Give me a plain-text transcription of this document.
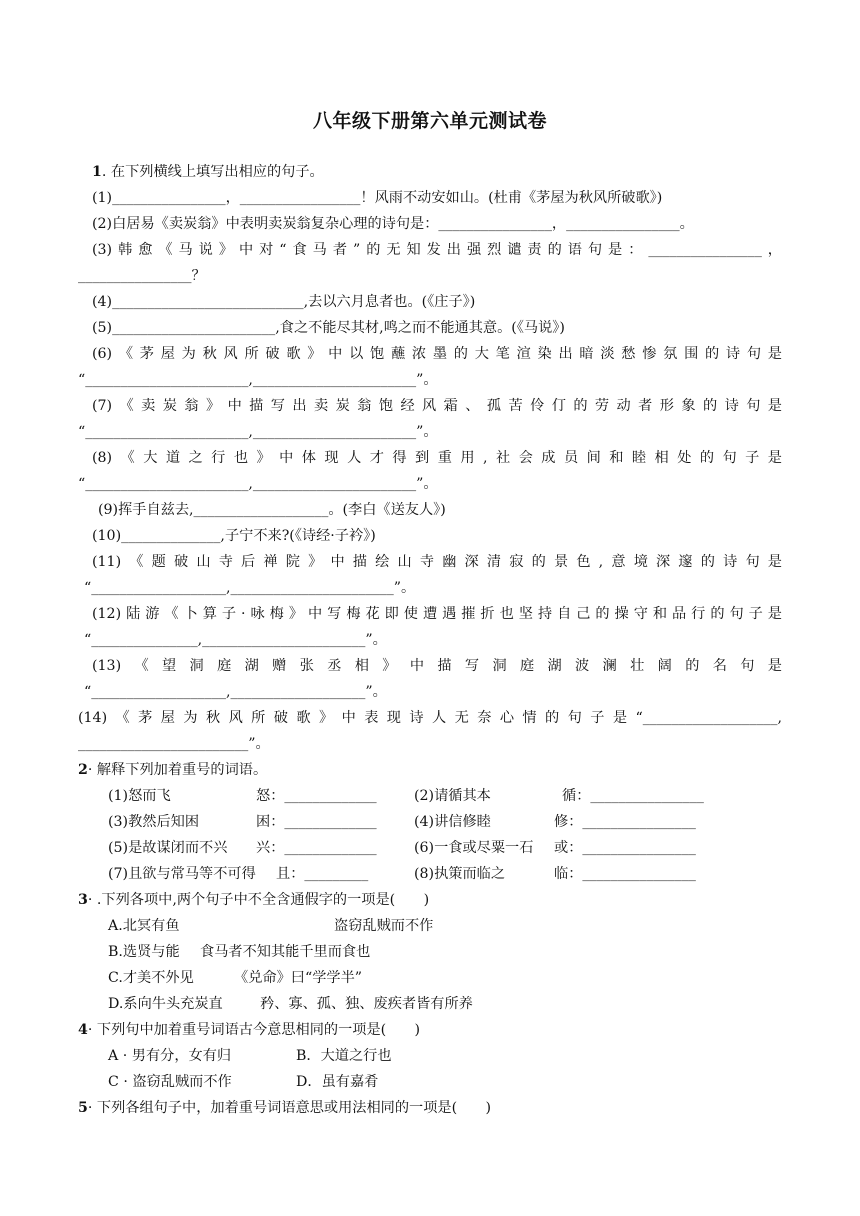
八年级下册第六单元测试卷
1. 在下列横线上填写出相应的句子。
(1)________________，_________________！风雨不动安如山。(杜甫《茅屋为秋风所破歌》)
(2)白居易《卖炭翁》中表明卖炭翁复杂心理的诗句是：________________，________________。
(3)韩愈《马说》中对“食马者”的无知发出强烈谴责的语句是：________________，
________________？
(4)___________________________,去以六月息者也。(《庄子》)
(5)_______________________,食之不能尽其材,鸣之而不能通其意。(《马说》)
(6)《茅屋为秋风所破歌》中以饱蘸浓墨的大笔渲染出暗淡愁惨氛围的诗句是
“_______________________,_______________________”。
(7)《卖炭翁》中描写出卖炭翁饱经风霜、孤苦伶仃的劳动者形象的诗句是
“_______________________,_______________________”。
(8)《大道之行也》中体现人才得到重用,社会成员间和睦相处的句子是
“_______________________,_______________________”。
(9)挥手自兹去,___________________。(李白《送友人》)
(10)______________,子宁不来?(《诗经·子衿》)
(11)《题破山寺后禅院》中描绘山寺幽深清寂的景色,意境深邃的诗句是
“___________________,_______________________”。
(12)陆游《卜算子·咏梅》中写梅花即使遭遇摧折也坚持自己的操守和品行的句子是
“_______________,_______________________”。
(13)《望洞庭湖赠张丞相》中描写洞庭湖波澜壮阔的名句是
“___________________,___________________”。
(14)《茅屋为秋风所破歌》中表现诗人无奈心情的句子是“___________________,
________________________”。
2· 解释下列加着重号的词语。
(1)怒而飞	怒：_____________	(2)请循其本	循：________________
(3)教然后知困	困：_____________	(4)讲信修睦	修：________________
(5)是故谋闭而不兴 兴：_____________	(6)一食或尽粟一石 或：________________
(7)且欲与常马等不可得 且：_________	(8)执策而临之	临：________________
3· .下列各项中,两个句子中不全含通假字的一项是(　　)
A.北冥有鱼	盗窃乱贼而不作
B.选贤与能 食马者不知其能千里而食也
C.才美不外见	《兑命》曰“学学半”
D.系向牛头充炭直	矜、寡、孤、独、废疾者皆有所养
4· 下列句中加着重号词语古今意思相同的一项是(　　)
A · 男有分，女有归	B．大道之行也
C · 盗窃乱贼而不作	D．虽有嘉肴
5· 下列各组句子中，加着重号词语意思或用法相同的一项是(　　)
